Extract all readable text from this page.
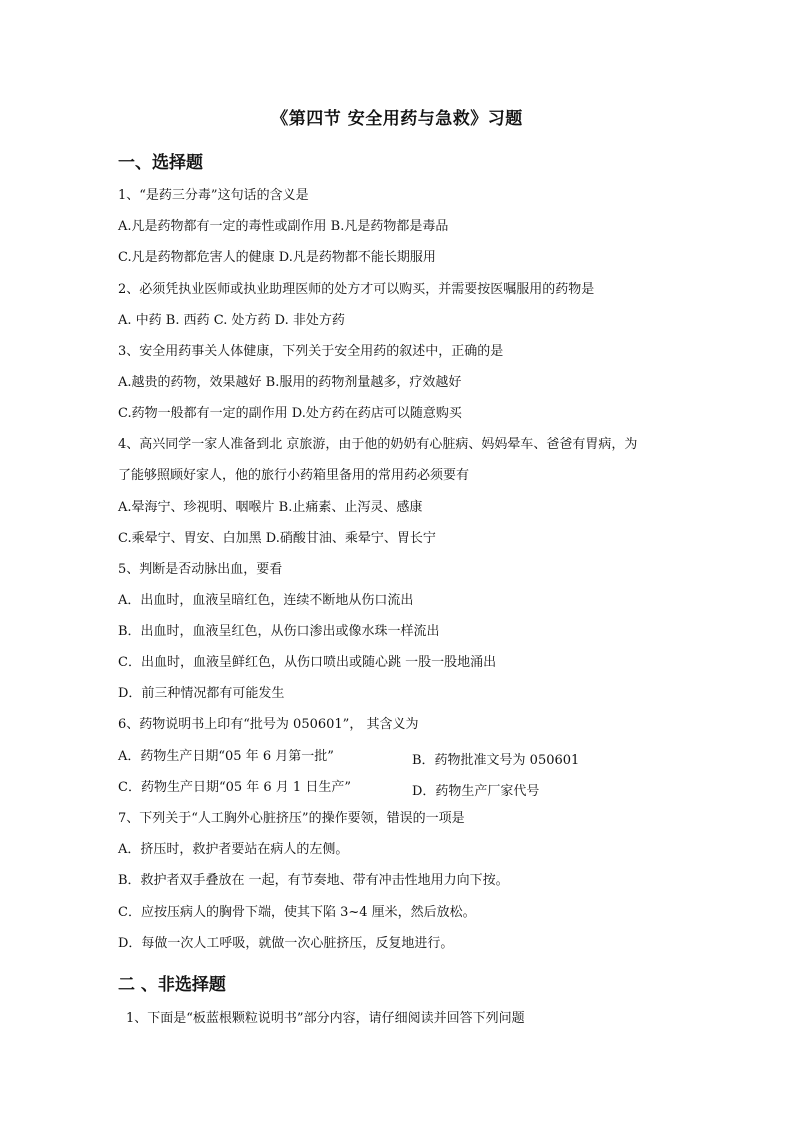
《第四节 安全用药与急救》习题
一、选择题
1、“是药三分毒”这句话的含义是
A.凡是药物都有一定的毒性或副作用 B.凡是药物都是毒品
C.凡是药物都危害人的健康 D.凡是药物都不能长期服用
2、必须凭执业医师或执业助理医师的处方才可以购买，并需要按医嘱服用的药物是
A. 中药 B. 西药 C. 处方药 D. 非处方药
3、安全用药事关人体健康，下列关于安全用药的叙述中，正确的是
A.越贵的药物，效果越好 B.服用的药物剂量越多，疗效越好
C.药物一般都有一定的副作用 D.处方药在药店可以随意购买
4、高兴同学一家人准备到北 京旅游，由于他的奶奶有心脏病、妈妈晕车、爸爸有胃病，为
了能够照顾好家人，他的旅行小药箱里备用的常用药必须要有
A.晕海宁、珍视明、咽喉片 B.止痛素、止泻灵、感康
C.乘晕宁、胃安、白加黑 D.硝酸甘油、乘晕宁、胃长宁
5、判断是否动脉出血，要看
A．出血时，血液呈暗红色，连续不断地从伤口流出
B．出血时，血液呈红色，从伤口渗出或像水珠一样流出
C．出血时，血液呈鲜红色，从伤口喷出或随心跳 一股一股地涌出
D．前三种情况都有可能发生
6、药物说明书上印有“批号为 050601”， 其含义为
A．药物生产日期“05 年 6 月第一批”	B．药物批准文号为 050601
C．药物生产日期“05 年 6 月 1 日生产”	D．药物生产厂家代号
7、下列关于“人工胸外心脏挤压”的操作要领，错误的一项是
A．挤压时，救护者要站在病人的左侧。
B．救护者双手叠放在 一起，有节奏地、带有冲击性地用力向下按。
C．应按压病人的胸骨下端，使其下陷 3~4 厘米，然后放松。
D．每做一次人工呼吸，就做一次心脏挤压，反复地进行。
二 、非选择题
1、下面是“板蓝根颗粒说明书”部分内容，请仔细阅读并回答下列问题
